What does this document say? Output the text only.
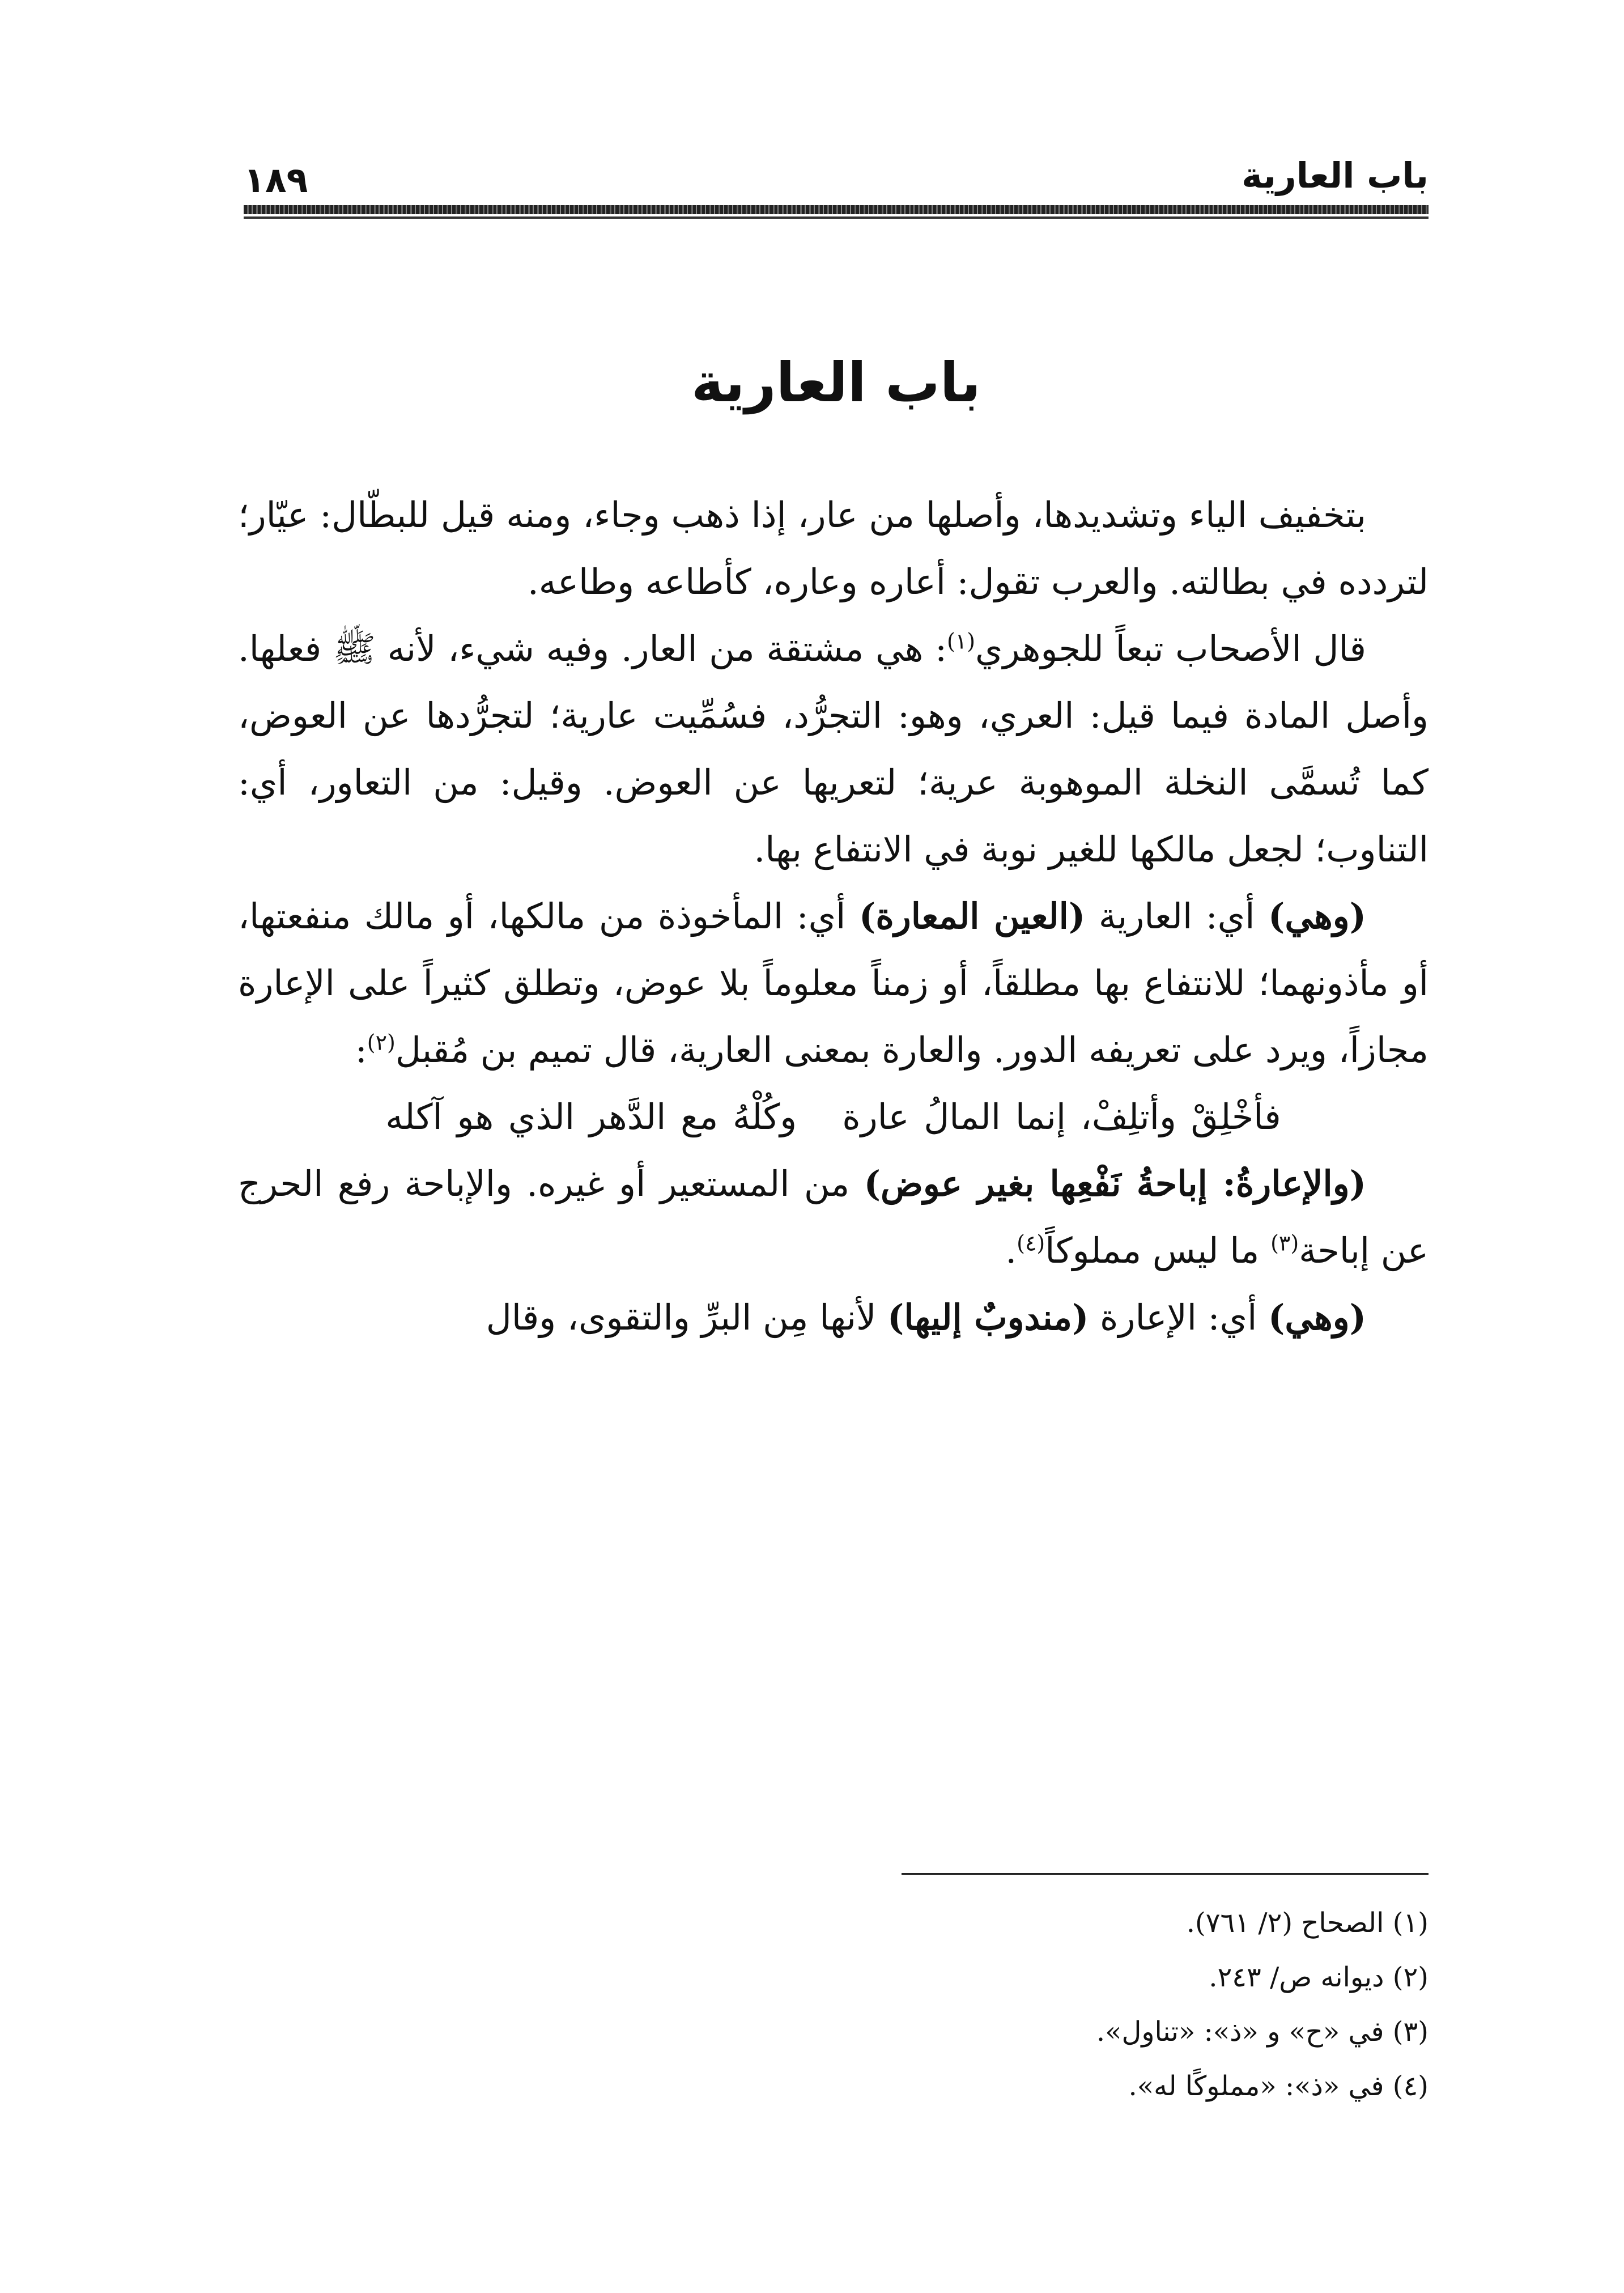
باب العارية
١٨٩
باب العارية

بتخفيف الياء وتشديدها، وأصلها من عار، إذا ذهب وجاء، ومنه قيل للبطّال: عيّار؛ لتردده في بطالته. والعرب تقول: أعاره وعاره، كأطاعه وطاعه.

قال الأصحاب تبعاً للجوهري$^{(١)}$: هي مشتقة من العار. وفيه شيء، لأنه ﷺ فعلها. وأصل المادة فيما قيل: العري، وهو: التجرُّد، فسُمِّيت عارية؛ لتجرُّدها عن العوض، كما تُسمَّى النخلة الموهوبة عرية؛ لتعريها عن العوض. وقيل: من التعاور، أي: التناوب؛ لجعل مالكها للغير نوبة في الانتفاع بها.

(وهي) أي: العارية (العين المعارة) أي: المأخوذة من مالكها، أو مالك منفعتها، أو مأذونهما؛ للانتفاع بها مطلقاً، أو زمناً معلوماً بلا عوض، وتطلق كثيراً على الإعارة مجازاً، ويرد على تعريفه الدور. والعارة بمعنى العارية، قال تميم بن مُقبل$^{(٢)}$:

فأخْلِقْ وأتلِفْ، إنما المالُ عارةوكُلْهُ مع الدَّهر الذي هو آكله

(والإعارةُ: إباحةُ نَفْعِها بغير عوض) من المستعير أو غيره. والإباحة رفع الحرج عن إباحة$^{(٣)}$ ما ليس مملوكاً$^{(٤)}$.

(وهي) أي: الإعارة (مندوبٌ إليها) لأنها مِن البرِّ والتقوى، وقال

(١) الصحاح (٢/ ٧٦١).

(٢) ديوانه ص/ ٢٤٣.

(٣) في «ح» و «ذ»: «تناول».

(٤) في «ذ»: «مملوكًا له».
